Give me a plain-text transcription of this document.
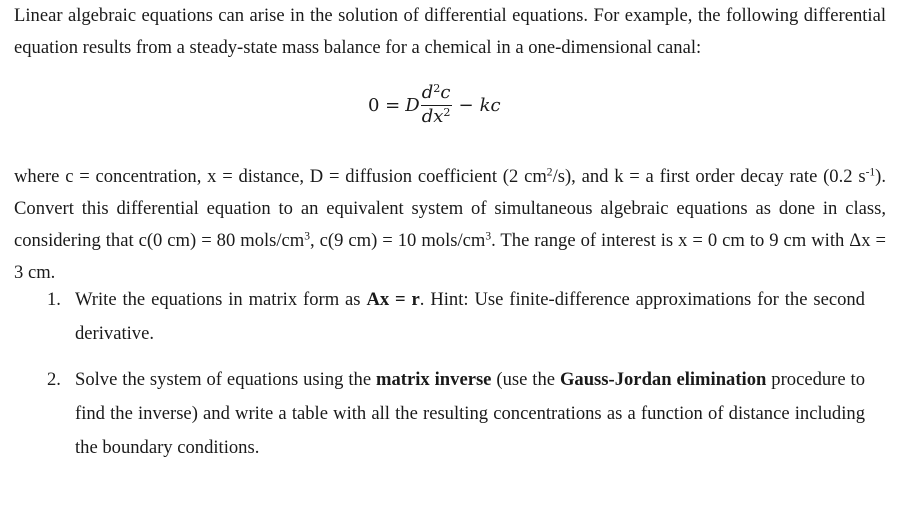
Linear algebraic equations can arise in the solution of differential equations. For example, the following differential equation results from a steady-state mass balance for a chemical in a one-dimensional canal:

0 = D $\frac{d^2c}{dx^2}$ − kc

where c = concentration, x = distance, D = diffusion coefficient (2 $cm^2/s$), and k = a first order decay rate (0.2 $s^{-1}$). Convert this differential equation to an equivalent system of simultaneous algebraic equations as done in class, considering that c(0 cm) = 80 mols/$cm^3$, c(9 cm) = 10 mols/$cm^3$. The range of interest is x = 0 cm to 9 cm with Δx = 3 cm.

1. Write the equations in matrix form as Ax = r. Hint: Use finite-difference approximations for the second derivative.

2. Solve the system of equations using the matrix inverse (use the Gauss-Jordan elimination procedure to find the inverse) and write a table with all the resulting concentrations as a function of distance including the boundary conditions.
